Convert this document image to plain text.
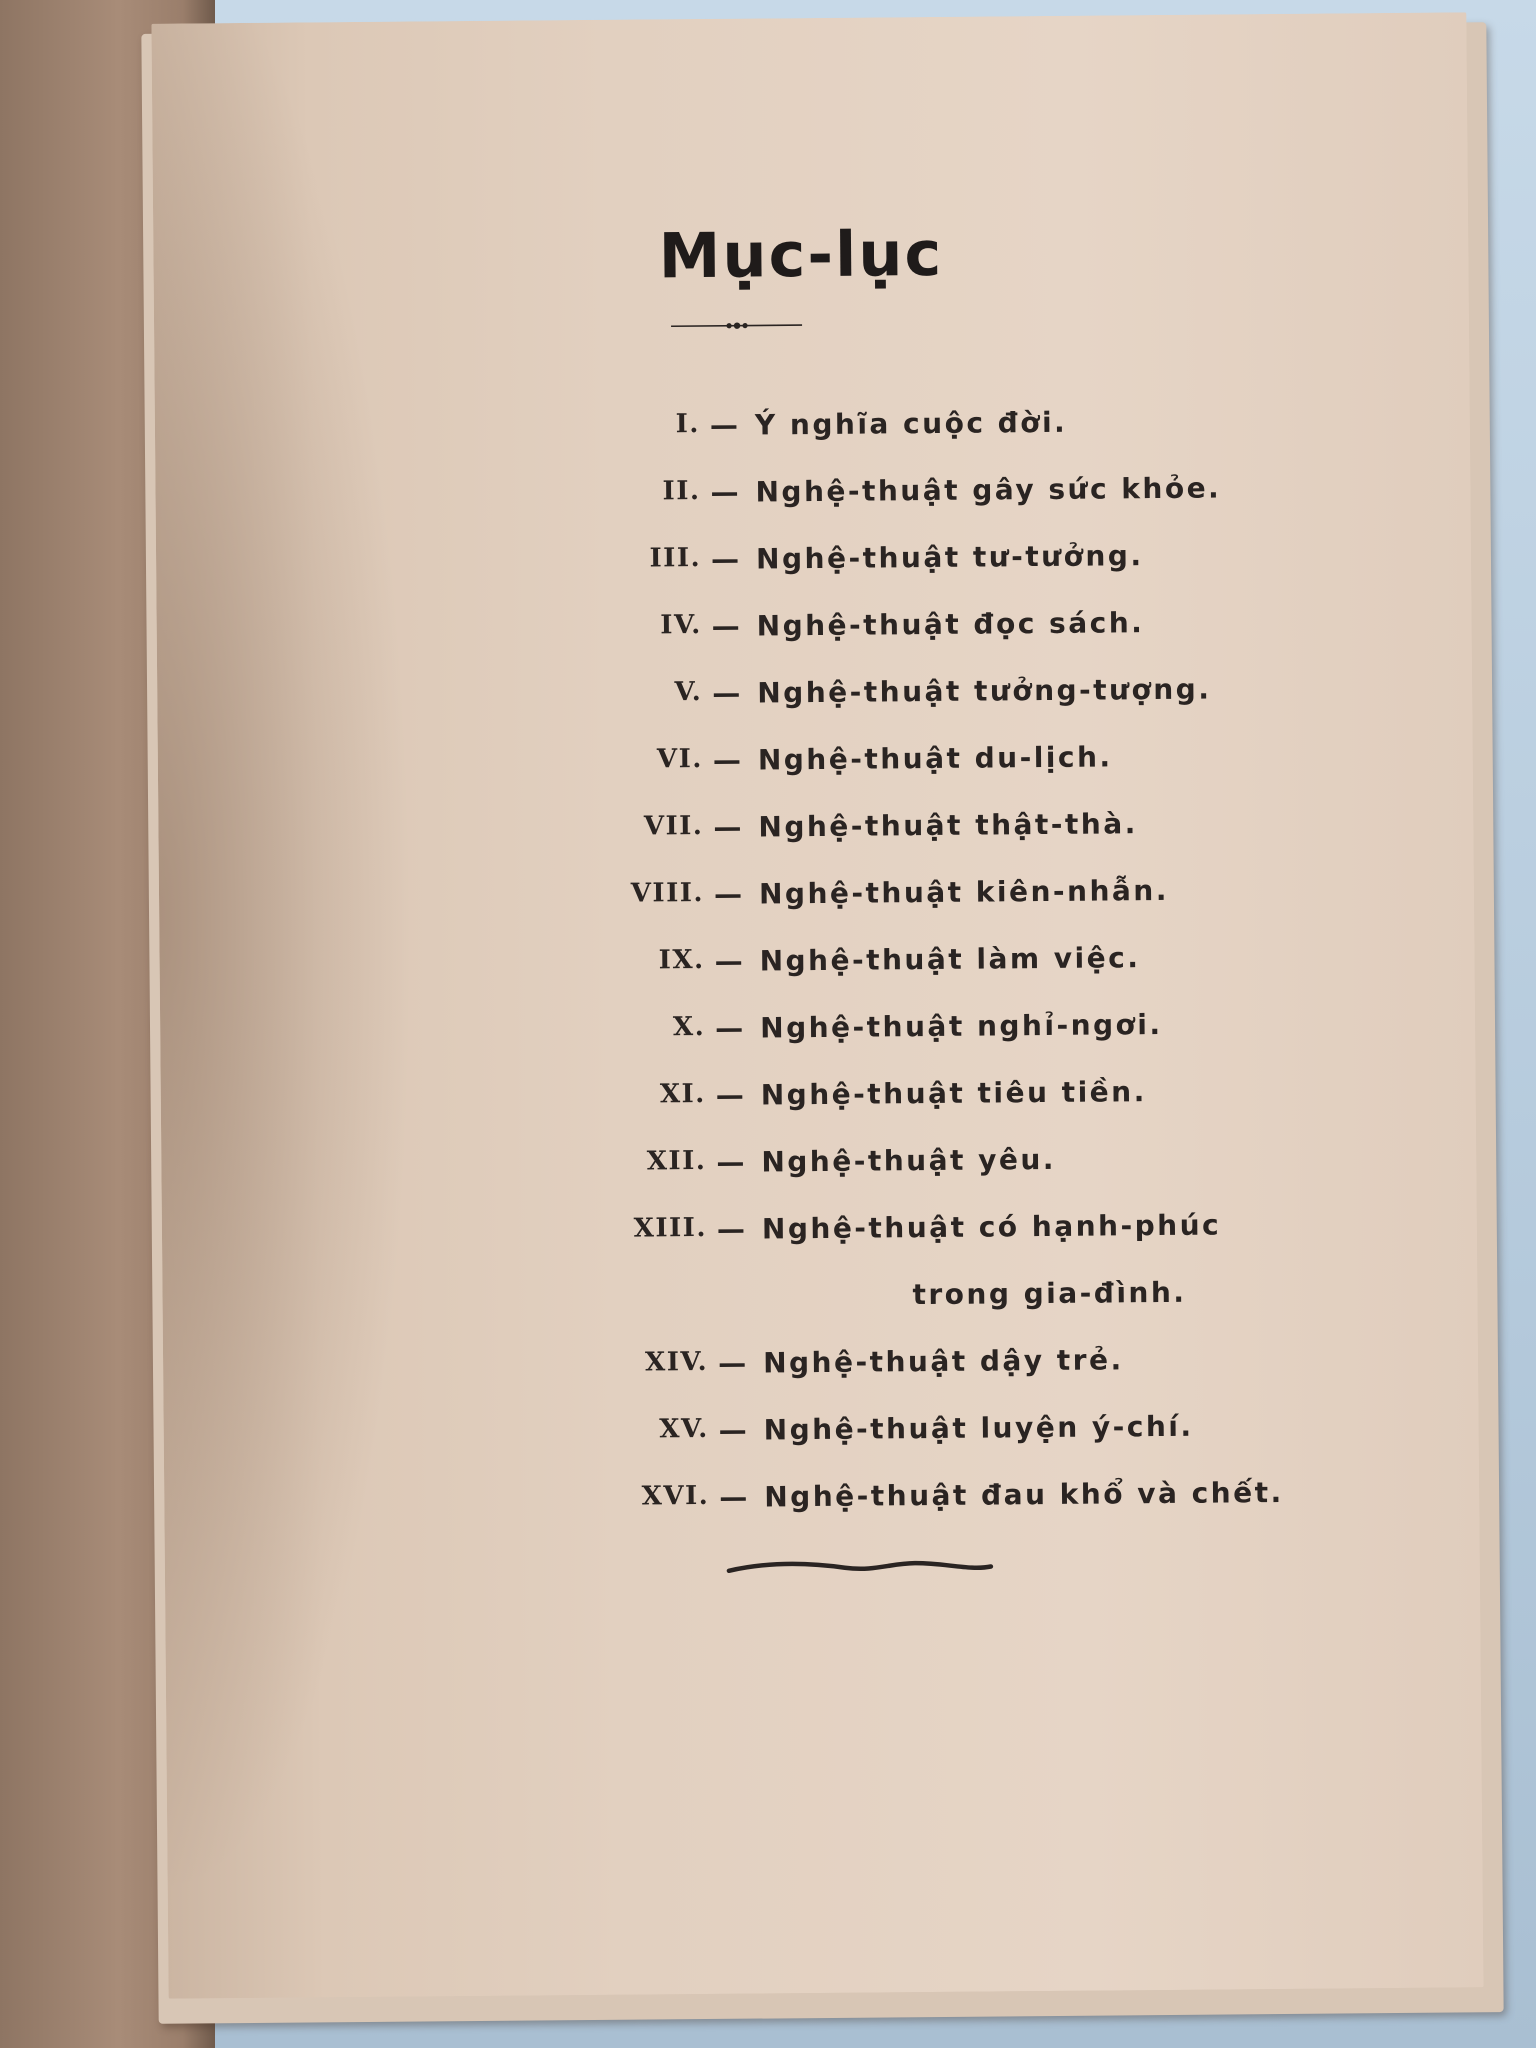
Mục-lục
I. — Ý nghĩa cuộc đời.
II. — Nghệ-thuật gây sức khỏe.
III. — Nghệ-thuật tư-tưởng.
IV. — Nghệ-thuật đọc sách.
V. — Nghệ-thuật tưởng-tượng.
VI. — Nghệ-thuật du-lịch.
VII. — Nghệ-thuật thật-thà.
VIII. — Nghệ-thuật kiên-nhẫn.
IX. — Nghệ-thuật làm việc.
X. — Nghệ-thuật nghỉ-ngơi.
XI. — Nghệ-thuật tiêu tiền.
XII. — Nghệ-thuật yêu.
XIII. — Nghệ-thuật có hạnh-phúc
trong gia-đình.
XIV. — Nghệ-thuật dậy trẻ.
XV. — Nghệ-thuật luyện ý-chí.
XVI. — Nghệ-thuật đau khổ và chết.
